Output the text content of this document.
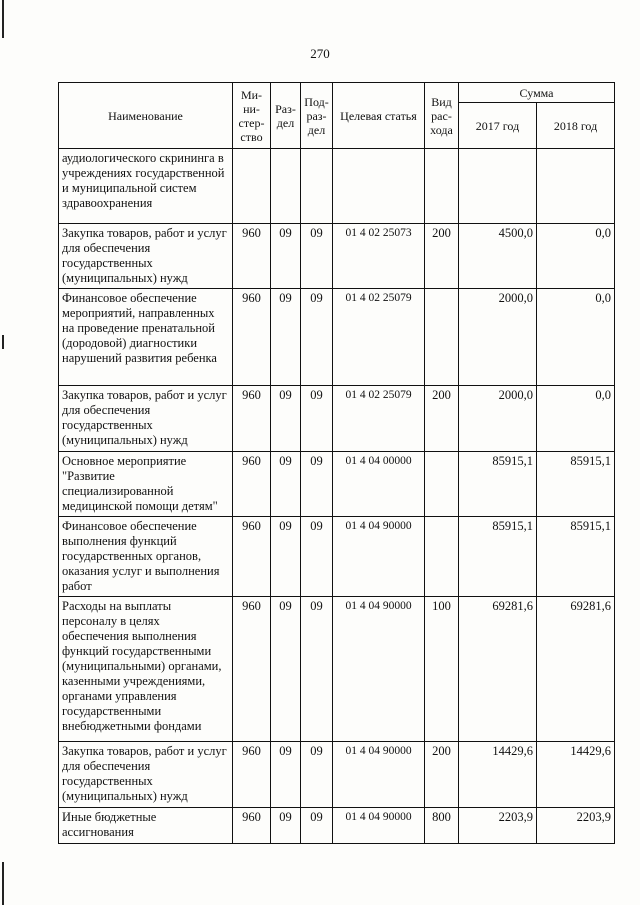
270
Наименование	Ми-ни-стер-ство	Раз-дел	Под-раз-дел	Целевая статья	Вид рас-хода	Сумма	
						2017 год	2018 год
аудиологического скрининга в учреждениях государственной и муниципальной систем здравоохранения							
Закупка товаров, работ и услуг для обеспечения государственных (муниципальных) нужд	960	09	09	01 4 02 25073	200	4500,0	0,0
Финансовое обеспечение мероприятий, направленных на проведение пренатальной (дородовой) диагностики нарушений развития ребенка	960	09	09	01 4 02 25079		2000,0	0,0
Закупка товаров, работ и услуг для обеспечения государственных (муниципальных) нужд	960	09	09	01 4 02 25079	200	2000,0	0,0
Основное мероприятие "Развитие специализированной медицинской помощи детям"	960	09	09	01 4 04 00000		85915,1	85915,1
Финансовое обеспечение выполнения функций государственных органов, оказания услуг и выполнения работ	960	09	09	01 4 04 90000		85915,1	85915,1
Расходы на выплаты персоналу в целях обеспечения выполнения функций государственными (муниципальными) органами, казенными учреждениями, органами управления государственными внебюджетными фондами	960	09	09	01 4 04 90000	100	69281,6	69281,6
Закупка товаров, работ и услуг для обеспечения государственных (муниципальных) нужд	960	09	09	01 4 04 90000	200	14429,6	14429,6
Иные бюджетные ассигнования	960	09	09	01 4 04 90000	800	2203,9	2203,9
